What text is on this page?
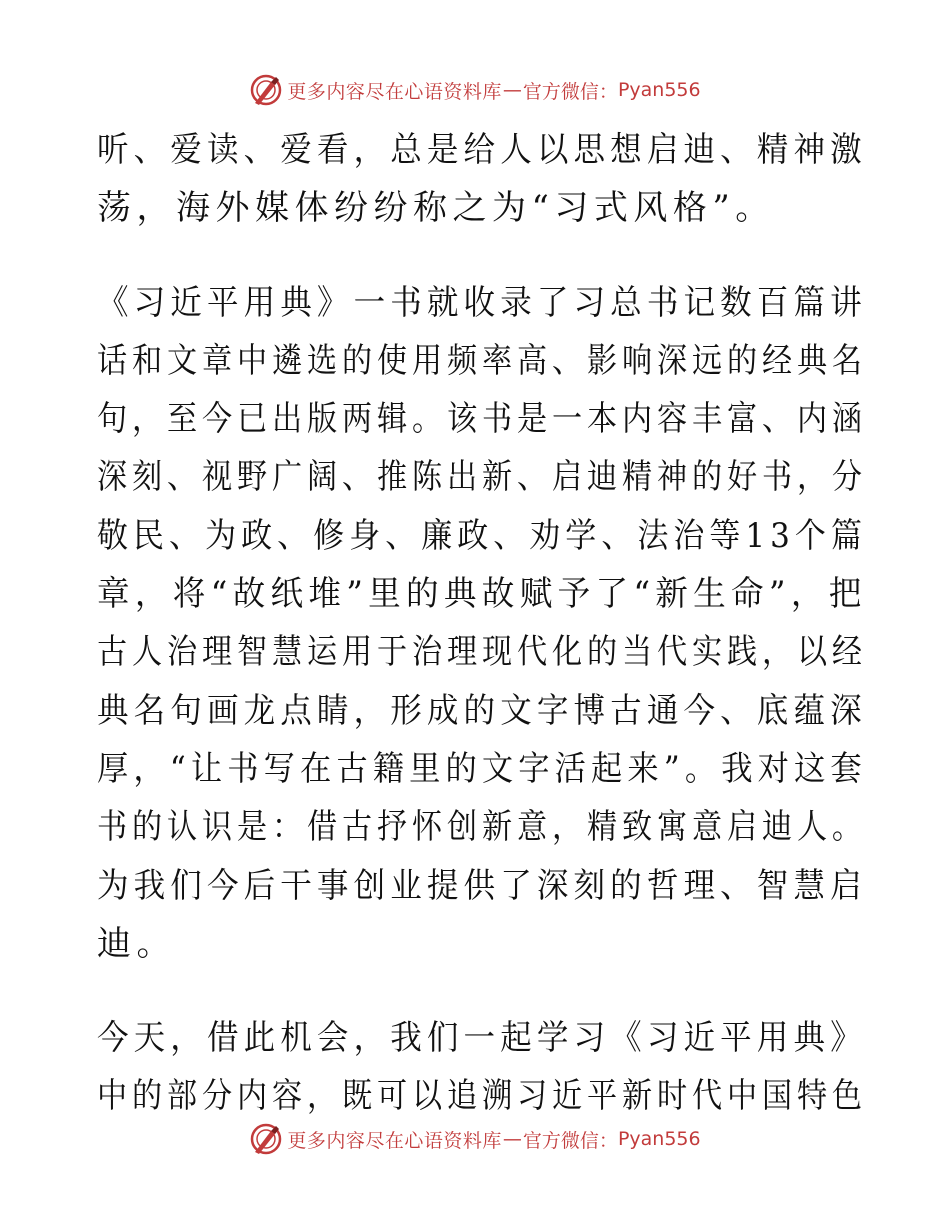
更多内容尽在心语资料库 — 官方微信： Pyan556
听、爱读、爱看，总是给人以思想启迪、精神激
荡，海外媒体纷纷称之为“习式风格”。
《习近平用典》一书就收录了习总书记数百篇讲
话和文章中遴选的使用频率高、影响深远的经典名
句，至今已出版两辑。该书是一本内容丰富、内涵
深刻、视野广阔、推陈出新、启迪精神的好书，分
敬民、为政、修身、廉政、劝学、法治等13个篇
章，将“故纸堆”里的典故赋予了“新生命”，把
古人治理智慧运用于治理现代化的当代实践，以经
典名句画龙点睛，形成的文字博古通今、底蕴深
厚，“让书写在古籍里的文字活起来”。我对这套
书的认识是：借古抒怀创新意，精致寓意启迪人。
为我们今后干事创业提供了深刻的哲理、智慧启
迪。
今天，借此机会，我们一起学习《习近平用典》
中的部分内容，既可以追溯习近平新时代中国特色
更多内容尽在心语资料库 — 官方微信： Pyan556
